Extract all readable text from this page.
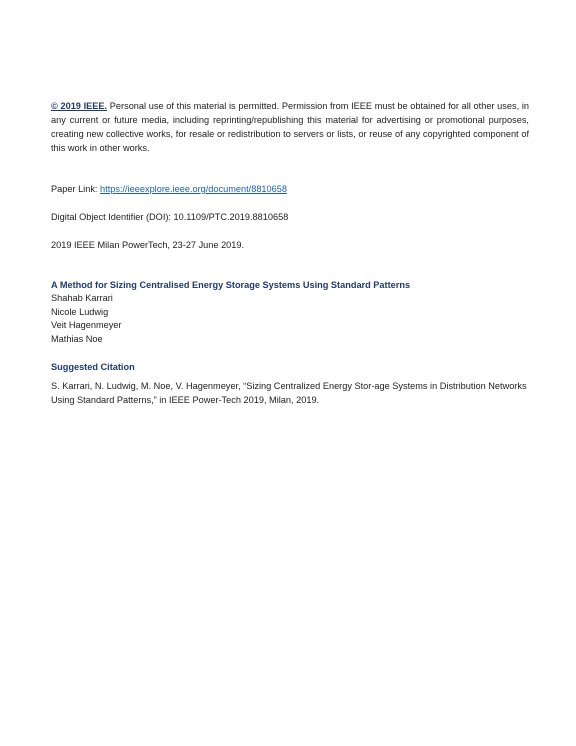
© 2019 IEEE. Personal use of this material is permitted. Permission from IEEE must be obtained for all other uses, in any current or future media, including reprinting/republishing this material for advertising or promotional purposes, creating new collective works, for resale or redistribution to servers or lists, or reuse of any copyrighted component of this work in other works.

Paper Link: https://ieeexplore.ieee.org/document/8810658

Digital Object Identifier (DOI): 10.1109/PTC.2019.8810658

2019 IEEE Milan PowerTech, 23-27 June 2019.

A Method for Sizing Centralised Energy Storage Systems Using Standard Patterns

Shahab Karrari
Nicole Ludwig
Veit Hagenmeyer
Mathias Noe

Suggested Citation

S. Karrari, N. Ludwig, M. Noe, V. Hagenmeyer, “Sizing Centralized Energy Stor-age Systems in Distribution Networks Using Standard Patterns,” in IEEE Power-Tech 2019, Milan, 2019.
